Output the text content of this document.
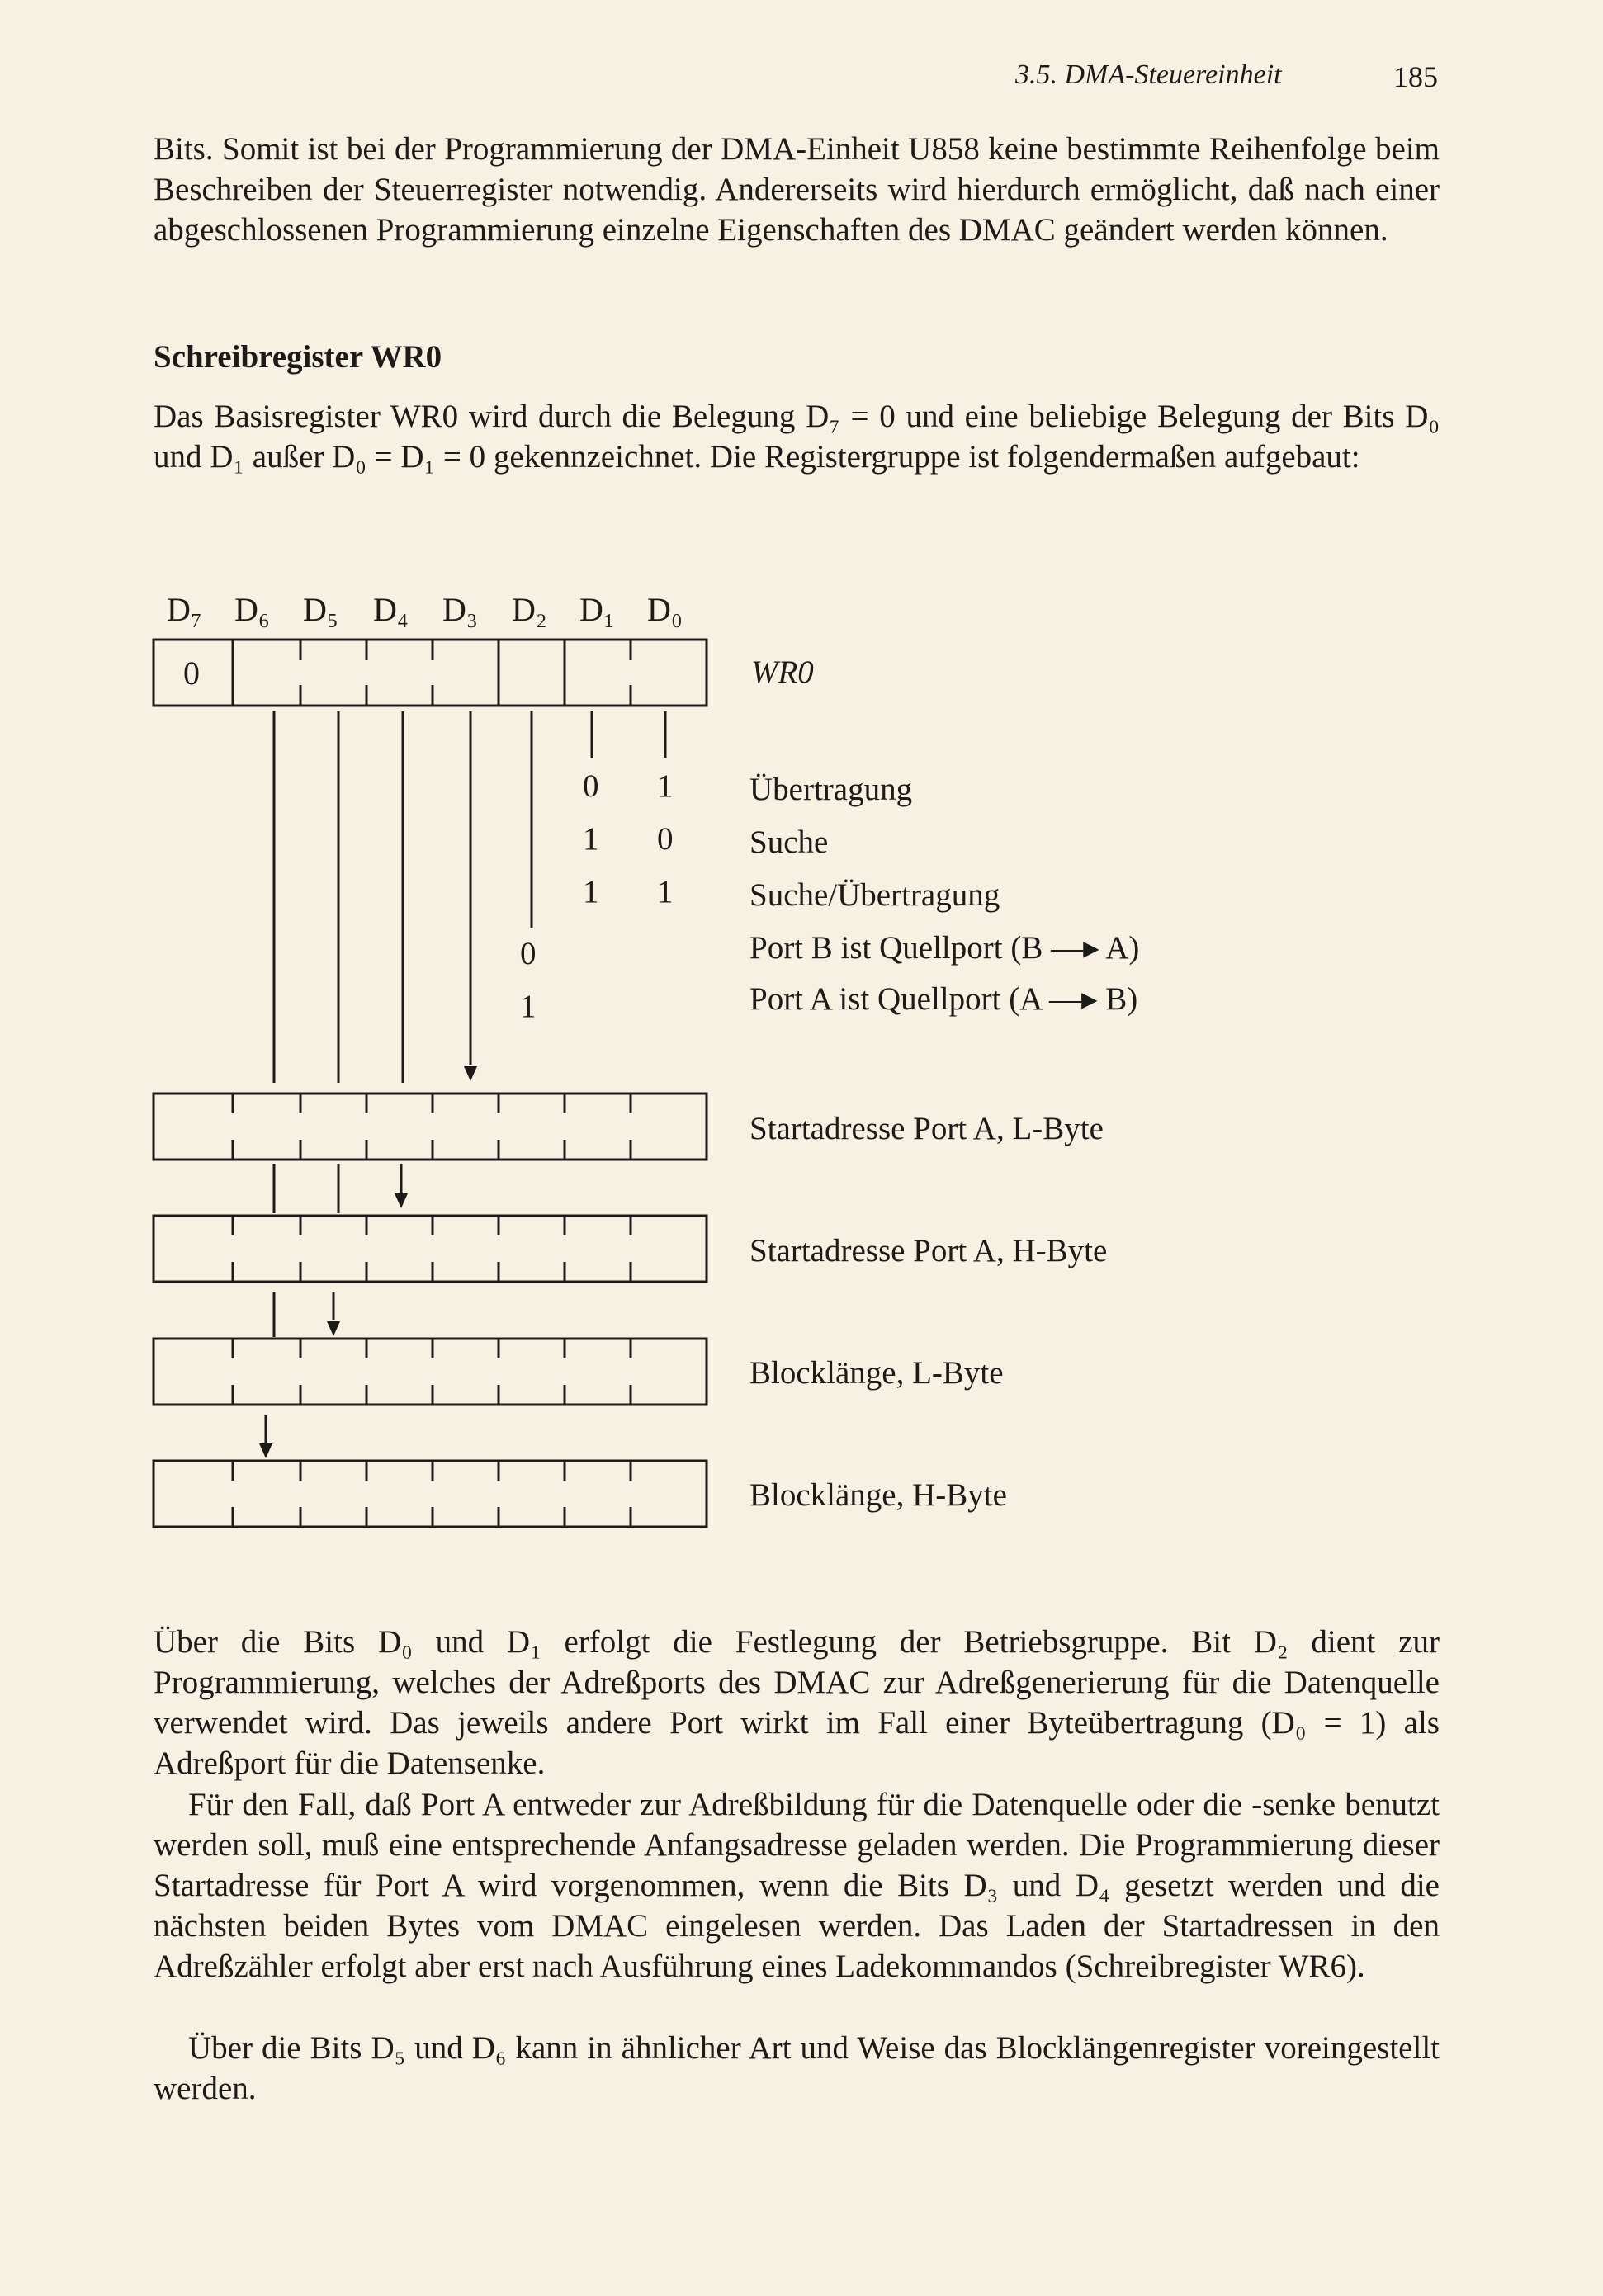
3.5. DMA-Steuereinheit	185
Bits. Somit ist bei der Programmierung der DMA-Einheit U858 keine bestimmte Reihenfolge beim Beschreiben der Steuerregister notwendig. Andererseits wird hierdurch ermöglicht, daß nach einer abgeschlossenen Programmierung einzelne Eigenschaften des DMAC geändert werden können.
Schreibregister WR0
Das Basisregister WR0 wird durch die Belegung D₇ = 0 und eine beliebige Belegung der Bits D₀ und D₁ außer D₀ = D₁ = 0 gekennzeichnet. Die Registergruppe ist folgendermaßen aufgebaut:
D₇ D₆ D₅ D₄ D₃ D₂ D₁ D₀
0
0 1
1 0
1 1
0
1
WR0
Übertragung
Suche
Suche/Übertragung
Port B ist Quellport (B —▸ A)
Port A ist Quellport (A —▸ B)
Startadresse Port A, L-Byte
Startadresse Port A, H-Byte
Blocklänge, L-Byte
Blocklänge, H-Byte
Über die Bits D₀ und D₁ erfolgt die Festlegung der Betriebsgruppe. Bit D₂ dient zur Programmierung, welches der Adreßports des DMAC zur Adreßgenerierung für die Datenquelle verwendet wird. Das jeweils andere Port wirkt im Fall einer Byteübertragung (D₀ = 1) als Adreßport für die Datensenke.
Für den Fall, daß Port A entweder zur Adreßbildung für die Datenquelle oder die -senke benutzt werden soll, muß eine entsprechende Anfangsadresse geladen werden. Die Programmierung dieser Startadresse für Port A wird vorgenommen, wenn die Bits D₃ und D₄ gesetzt werden und die nächsten beiden Bytes vom DMAC eingelesen werden. Das Laden der Startadressen in den Adreßzähler erfolgt aber erst nach Ausführung eines Ladekommandos (Schreibregister WR6).
Über die Bits D₅ und D₆ kann in ähnlicher Art und Weise das Blocklängenregister voreingestellt werden.
